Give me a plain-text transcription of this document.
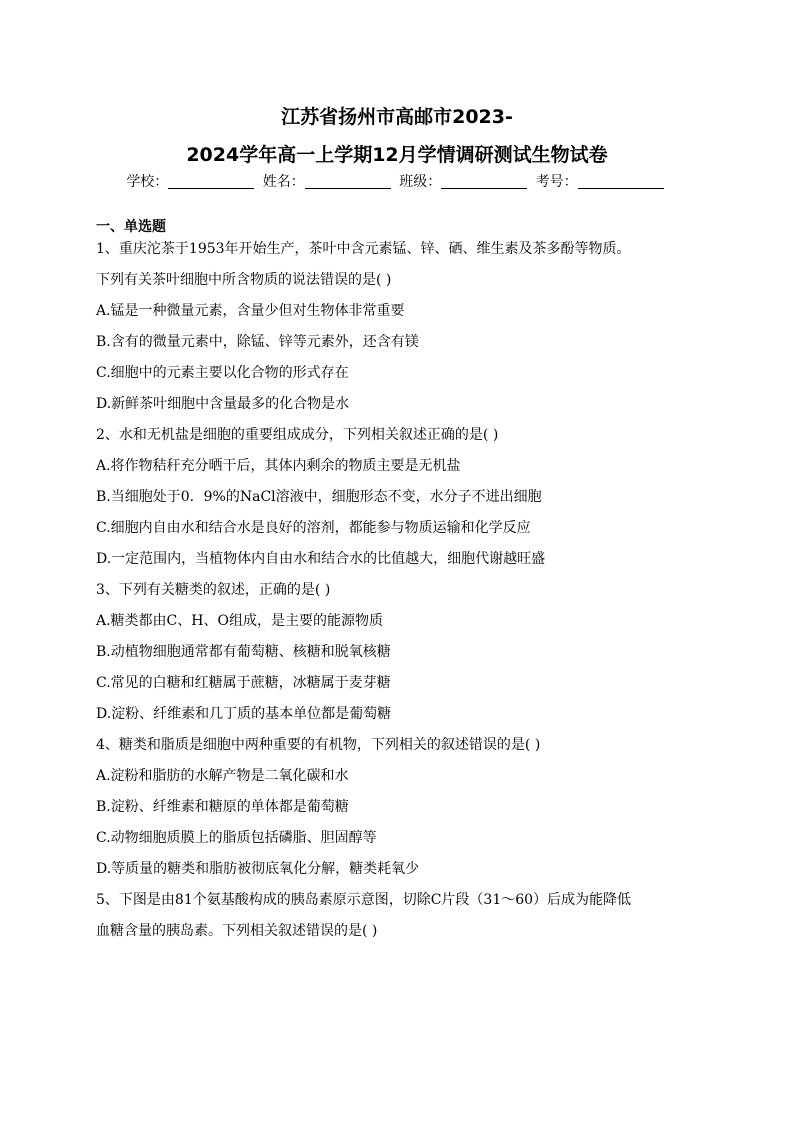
江苏省扬州市高邮市2023-
2024学年高一上学期12月学情调研测试生物试卷
学校：	姓名：	班级：	考号：
一、单选题
1、重庆沱茶于1953年开始生产，茶叶中含元素锰、锌、硒、维生素及茶多酚等物质。
下列有关茶叶细胞中所含物质的说法错误的是( )
A.锰是一种微量元素，含量少但对生物体非常重要
B.含有的微量元素中，除锰、锌等元素外，还含有镁
C.细胞中的元素主要以化合物的形式存在
D.新鲜茶叶细胞中含量最多的化合物是水
2、水和无机盐是细胞的重要组成成分，下列相关叙述正确的是( )
A.将作物秸秆充分晒干后，其体内剩余的物质主要是无机盐
B.当细胞处于0．9%的NaCl溶液中，细胞形态不变，水分子不进出细胞
C.细胞内自由水和结合水是良好的溶剂，都能参与物质运输和化学反应
D.一定范围内，当植物体内自由水和结合水的比值越大，细胞代谢越旺盛
3、下列有关糖类的叙述，正确的是( )
A.糖类都由C、H、O组成，是主要的能源物质
B.动植物细胞通常都有葡萄糖、核糖和脱氧核糖
C.常见的白糖和红糖属于蔗糖，冰糖属于麦芽糖
D.淀粉、纤维素和几丁质的基本单位都是葡萄糖
4、糖类和脂质是细胞中两种重要的有机物，下列相关的叙述错误的是( )
A.淀粉和脂肪的水解产物是二氧化碳和水
B.淀粉、纤维素和糖原的单体都是葡萄糖
C.动物细胞质膜上的脂质包括磷脂、胆固醇等
D.等质量的糖类和脂肪被彻底氧化分解，糖类耗氧少
5、下图是由81个氨基酸构成的胰岛素原示意图，切除C片段（31～60）后成为能降低
血糖含量的胰岛素。下列相关叙述错误的是( )
